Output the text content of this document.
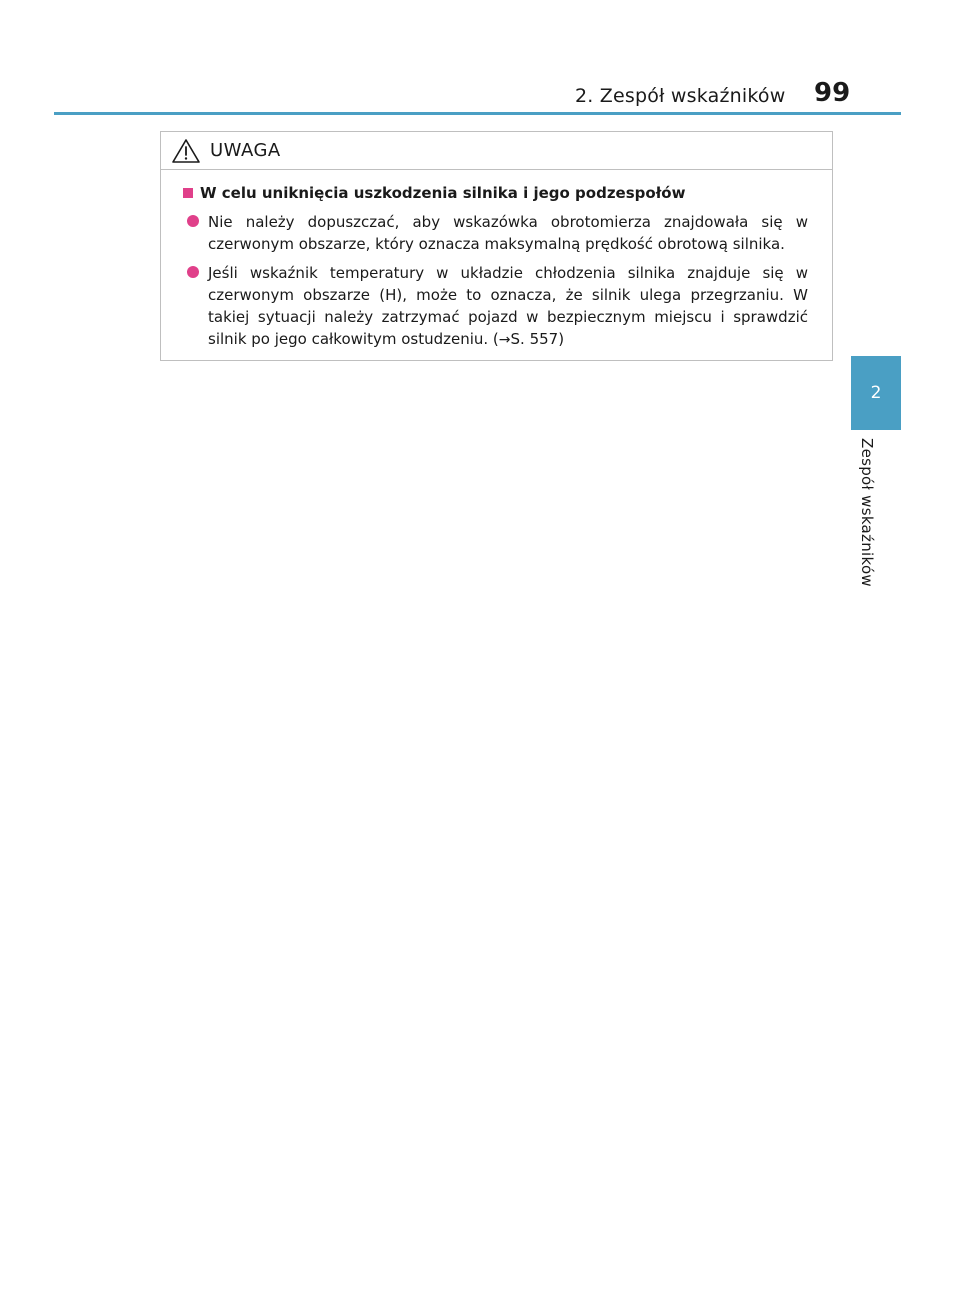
2. Zespół wskaźników 99
2
Zespół wskaźników
UWAGA
W celu uniknięcia uszkodzenia silnika i jego podzespołów
Nie należy dopuszczać, aby wskazówka obrotomierza znajdowała się w czerwonym obszarze, który oznacza maksymalną prędkość obrotową silnika.
Jeśli wskaźnik temperatury w układzie chłodzenia silnika znajduje się w czerwonym obszarze (H), może to oznacza, że silnik ulega przegrzaniu. W takiej sytuacji należy zatrzymać pojazd w bezpiecznym miejscu i sprawdzić silnik po jego całkowitym ostudzeniu. (→S. 557)
